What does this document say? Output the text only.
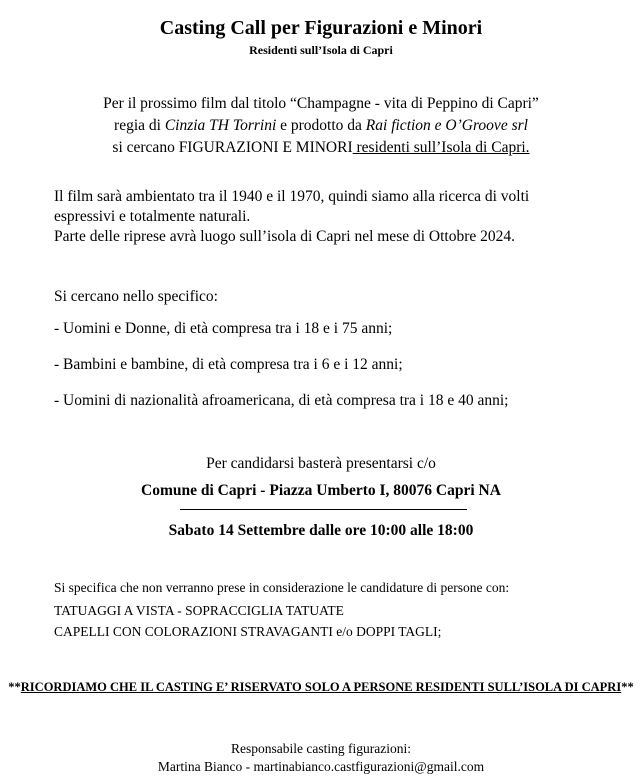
Casting Call per Figurazioni e Minori
Residenti sull’Isola di Capri
Per il prossimo film dal titolo “Champagne - vita di Peppino di Capri”
regia di Cinzia TH Torrini e prodotto da Rai fiction e O’Groove srl
si cercano FIGURAZIONI E MINORI residenti sull’Isola di Capri.
Il film sarà ambientato tra il 1940 e il 1970, quindi siamo alla ricerca di volti
espressivi e totalmente naturali.
Parte delle riprese avrà luogo sull’isola di Capri nel mese di Ottobre 2024.
Si cercano nello specifico:
- Uomini e Donne, di età compresa tra i 18 e i 75 anni;
- Bambini e bambine, di età compresa tra i 6 e i 12 anni;
- Uomini di nazionalità afroamericana, di età compresa tra i 18 e 40 anni;
Per candidarsi basterà presentarsi c/o
Comune di Capri - Piazza Umberto I, 80076 Capri NA
Sabato 14 Settembre dalle ore 10:00 alle 18:00
Si specifica che non verranno prese in considerazione le candidature di persone con:
TATUAGGI A VISTA - SOPRACCIGLIA TATUATE
CAPELLI CON COLORAZIONI STRAVAGANTI e/o DOPPI TAGLI;
**RICORDIAMO CHE IL CASTING E’ RISERVATO SOLO A PERSONE RESIDENTI SULL’ISOLA DI CAPRI**
Responsabile casting figurazioni:
Martina Bianco - martinabianco.castfigurazioni@gmail.com
